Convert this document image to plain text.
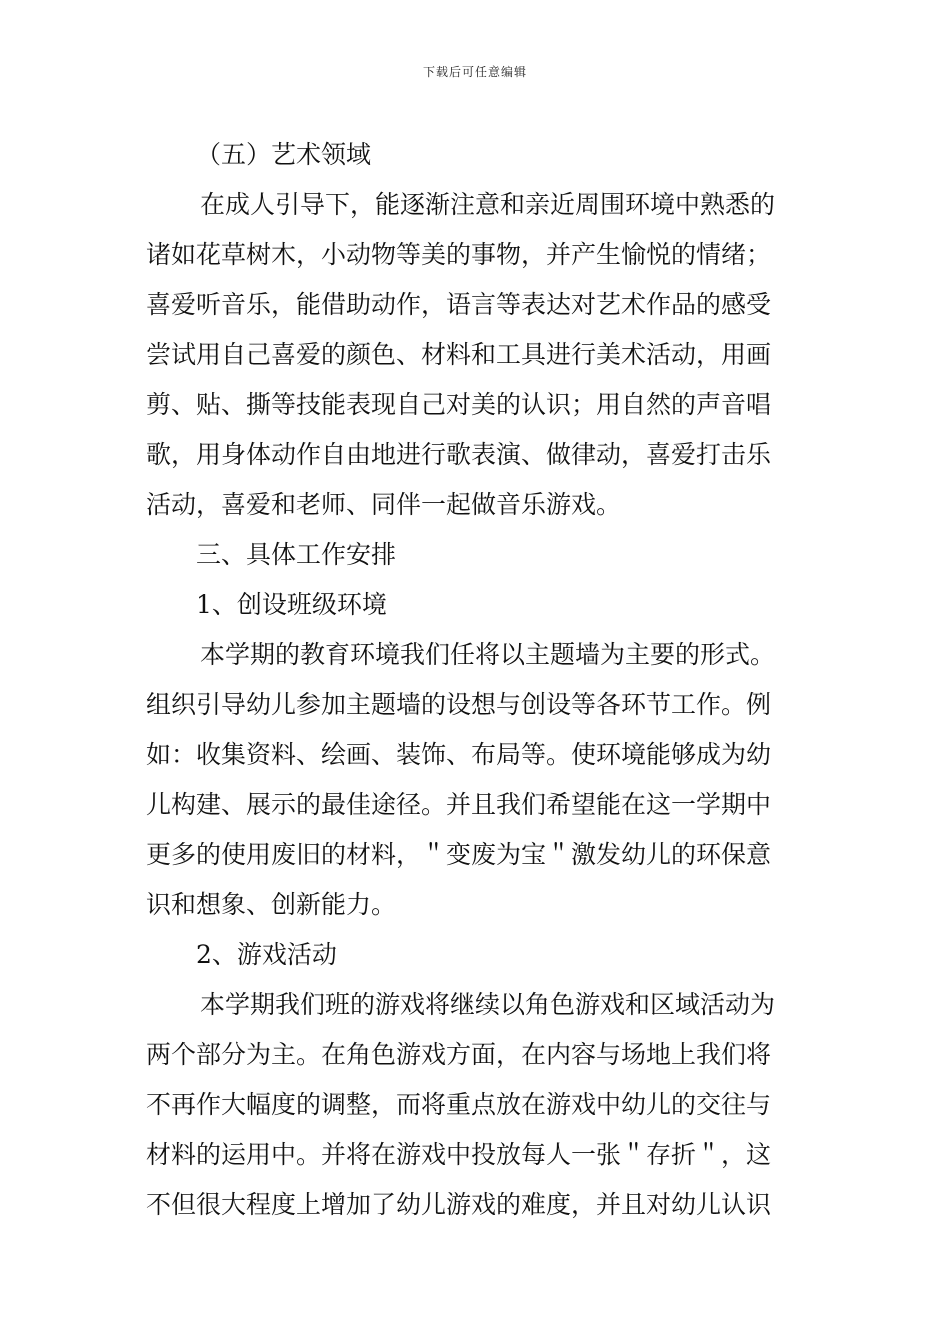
下载后可任意编辑
（五）艺术领域
在成人引导下，能逐渐注意和亲近周围环境中熟悉的
诸如花草树木，小动物等美的事物，并产生愉悦的情绪；
喜爱听音乐，能借助动作，语言等表达对艺术作品的感受
尝试用自己喜爱的颜色、材料和工具进行美术活动，用画
剪、贴、撕等技能表现自己对美的认识；用自然的声音唱
歌，用身体动作自由地进行歌表演、做律动，喜爱打击乐
活动，喜爱和老师、同伴一起做音乐游戏。
三、具体工作安排
1、创设班级环境
本学期的教育环境我们任将以主题墙为主要的形式。
组织引导幼儿参加主题墙的设想与创设等各环节工作。例
如：收集资料、绘画、装饰、布局等。使环境能够成为幼
儿构建、展示的最佳途径。并且我们希望能在这一学期中
更多的使用废旧的材料，＂变废为宝＂激发幼儿的环保意
识和想象、创新能力。
2、游戏活动
本学期我们班的游戏将继续以角色游戏和区域活动为
两个部分为主。在角色游戏方面，在内容与场地上我们将
不再作大幅度的调整，而将重点放在游戏中幼儿的交往与
材料的运用中。并将在游戏中投放每人一张＂存折＂，这
不但很大程度上增加了幼儿游戏的难度，并且对幼儿认识
